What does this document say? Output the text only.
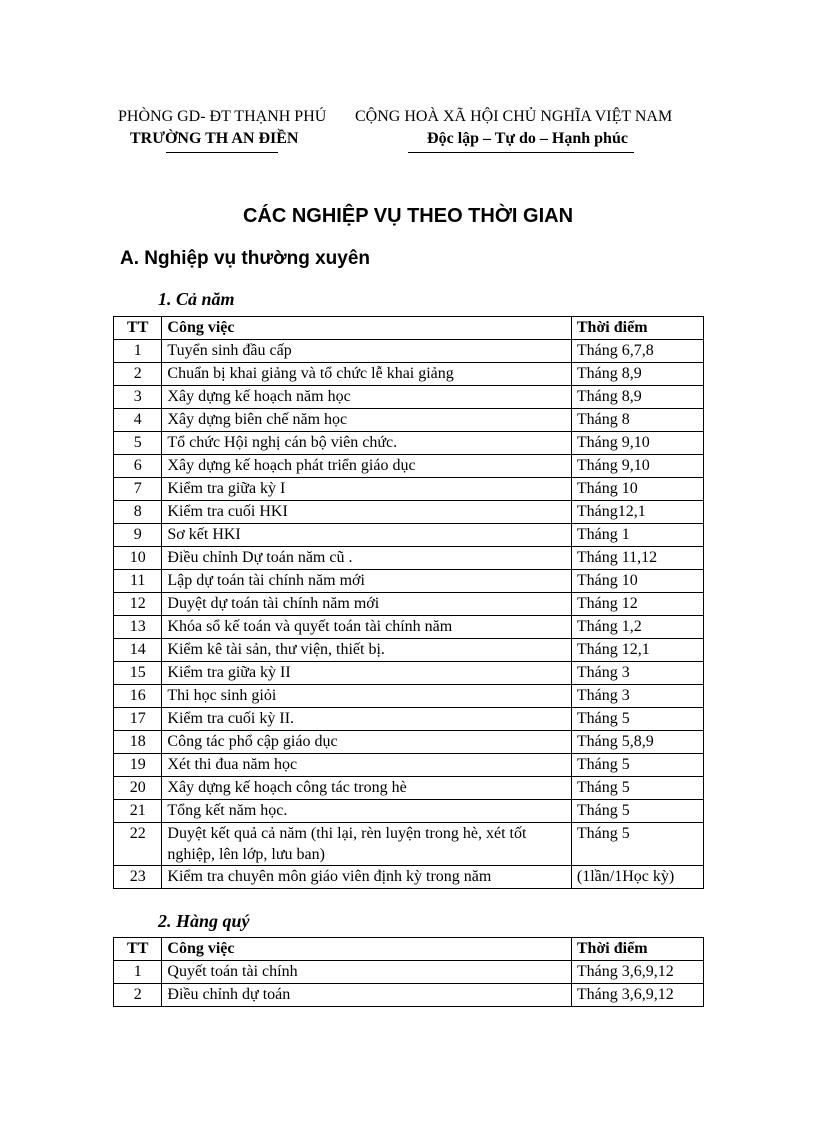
PHÒNG GD- ĐT THẠNH PHÚ
TRƯỜNG TH AN ĐIỀN
CỘNG HOÀ XÃ HỘI CHỦ NGHĨA VIỆT NAM
Độc lập – Tự do – Hạnh phúc
CÁC NGHIỆP VỤ THEO THỜI GIAN
A. Nghiệp vụ thường xuyên
1. Cả năm
TT	Công việc	Thời điểm
1	Tuyển sinh đầu cấp	Tháng 6,7,8
2	Chuẩn bị khai giảng và tổ chức lễ khai giảng	Tháng 8,9
3	Xây dựng kế hoạch năm học	Tháng 8,9
4	Xây dựng biên chế năm học	Tháng 8
5	Tổ chức Hội nghị cán bộ viên chức.	Tháng 9,10
6	Xây dựng kế hoạch phát triển giáo dục	Tháng 9,10
7	Kiểm tra giữa kỳ I	Tháng 10
8	Kiểm tra cuối HKI	Tháng12,1
9	Sơ kết HKI	Tháng 1
10	Điều chỉnh Dự toán năm cũ .	Tháng 11,12
11	Lập dự toán tài chính năm mới	Tháng 10
12	Duyệt dự toán tài chính năm mới	Tháng 12
13	Khóa sổ kế toán và quyết toán tài chính năm	Tháng 1,2
14	Kiểm kê tài sản, thư viện, thiết bị.	Tháng 12,1
15	Kiểm tra giữa kỳ II	Tháng 3
16	Thi học sinh giỏi	Tháng 3
17	Kiểm tra cuối kỳ II.	Tháng 5
18	Công tác phổ cập giáo dục	Tháng 5,8,9
19	Xét thi đua năm học	Tháng 5
20	Xây dựng kế hoạch công tác trong hè	Tháng 5
21	Tổng kết năm học.	Tháng 5
22	Duyệt kết quả cả năm (thi lại, rèn luyện trong hè, xét tốt nghiệp, lên lớp, lưu ban)	Tháng 5
23	Kiểm tra chuyên môn giáo viên định kỳ trong năm	(1lần/1Học kỳ)
2. Hàng quý
TT	Công việc	Thời điểm
1	Quyết toán tài chính	Tháng 3,6,9,12
2	Điều chỉnh dự toán	Tháng 3,6,9,12
